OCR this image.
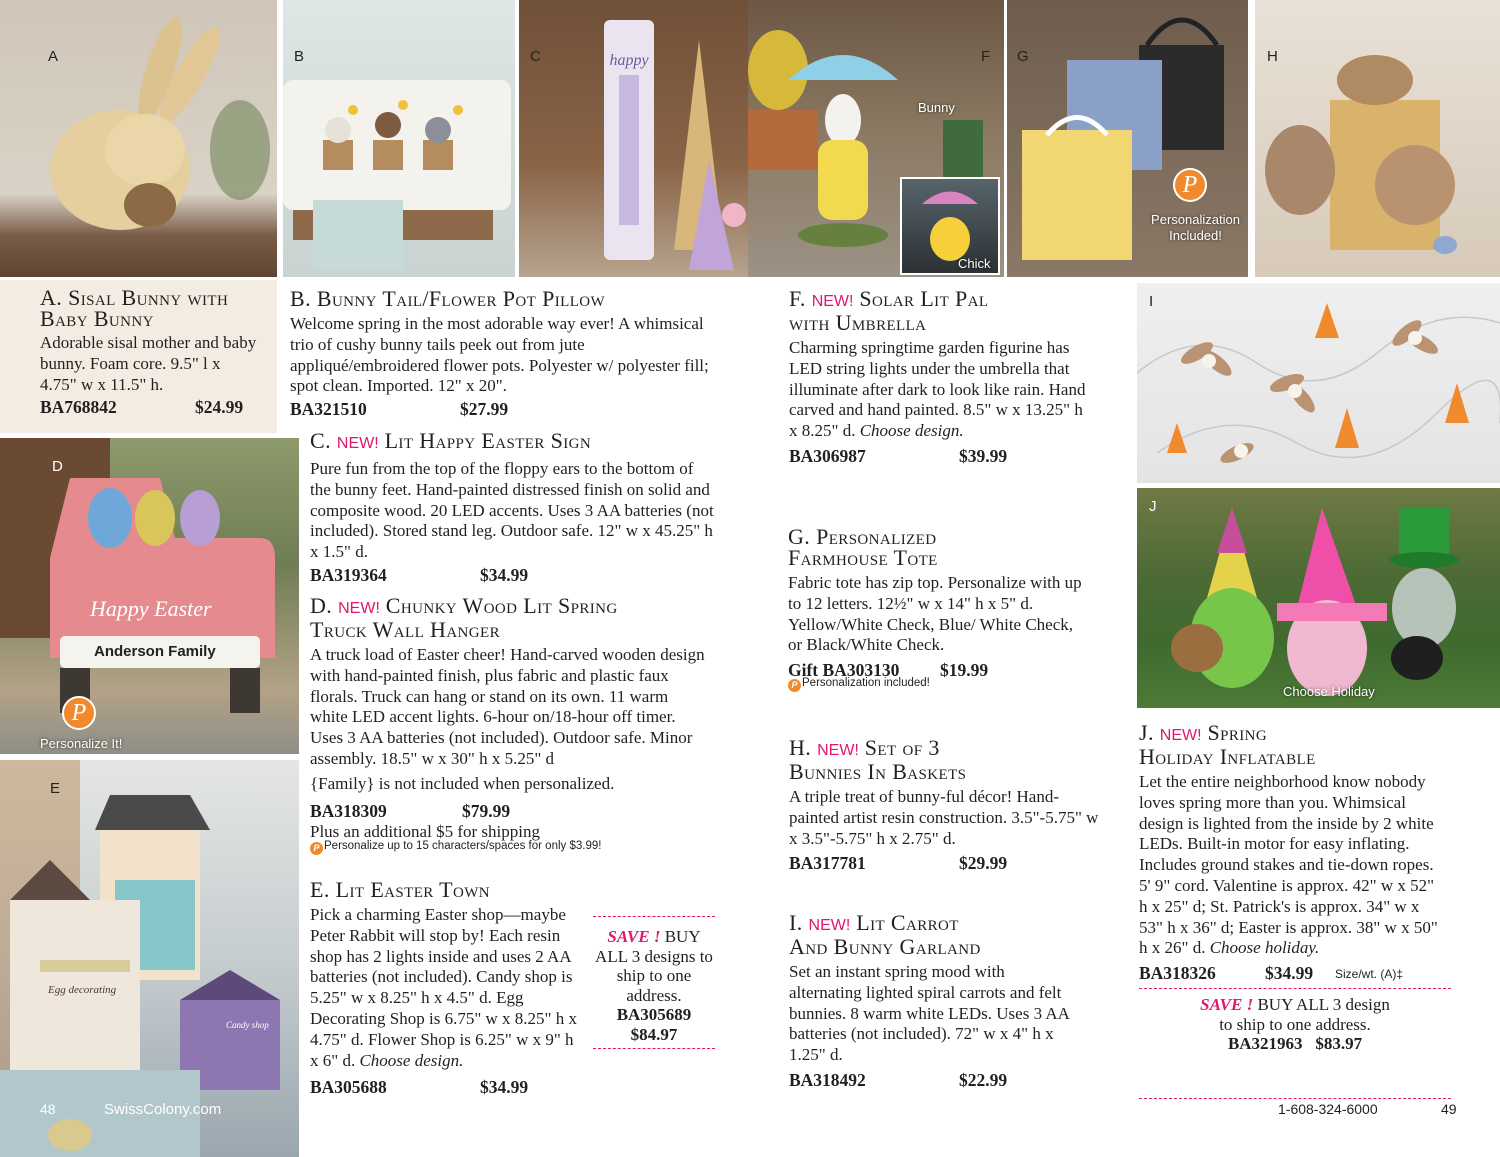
A	B	happy
C	F
Bunny
Chick
P
G
Personalization Included!
H
A. Sisal Bunny with
Baby Bunny
Adorable sisal mother and baby bunny. Foam core. 9.5" l x 4.75" w x 11.5" h.
BA768842	$24.99
B. Bunny Tail/Flower Pot Pillow
Welcome spring in the most adorable way ever! A whimsical trio of cushy bunny tails peek out from jute appliqué/embroidered flower pots. Polyester w/ polyester fill; spot clean. Imported. 12" x 20".
BA321510	$27.99
Happy Easter
Anderson Family
P
D
Personalize It!
C. NEW! Lit Happy Easter Sign
Pure fun from the top of the floppy ears to the bottom of the bunny feet. Hand-painted distressed finish on solid and composite wood. 20 LED accents. Uses 3 AA batteries (not included). Stored stand leg. Outdoor safe. 12" w x 45.25" h x 1.5" d.
BA319364	$34.99
D. NEW! Chunky Wood Lit Spring
Truck Wall Hanger
A truck load of Easter cheer! Hand-carved wooden design with hand-painted finish, plus fabric and plastic faux florals. Truck can hang or stand on its own. 11 warm white LED accent lights. 6-hour on/18-hour off timer. Uses 3 AA batteries (not included). Outdoor safe. Minor assembly. 18.5" w x 30" h x 5.25" d
{Family} is not included when personalized.
BA318309	$79.99
Plus an additional $5 for shipping
P Personalize up to 15 characters/spaces for only $3.99!
Egg decorating
Candy shop
E
E. Lit Easter Town
Pick a charming Easter shop—maybe Peter Rabbit will stop by! Each resin shop has 2 lights inside and uses 2 AA batteries (not included). Candy shop is 5.25" w x 8.25" h x 4.5" d. Egg Decorating Shop is 6.75" w x 8.25" h x 4.75" d. Flower Shop is 6.25" w x 9" h x 6" d. Choose design.
BA305688	$34.99
SAVE ! BUY ALL 3 designs to ship to one address.
BA305689
$84.97
F. NEW! Solar Lit Pal
with Umbrella
Charming springtime garden figurine has LED string lights under the umbrella that illuminate after dark to look like rain. Hand carved and hand painted. 8.5" w x 13.25" h x 8.25" d. Choose design.
BA306987	$39.99
G. Personalized
Farmhouse Tote
Fabric tote has zip top. Personalize with up to 12 letters. 12½" w x 14" h x 5" d. Yellow/White Check, Blue/ White Check, or Black/White Check.
Gift BA303130 $19.99
P Personalization included!
H. NEW! Set of 3
Bunnies In Baskets
A triple treat of bunny-ful décor! Hand-painted artist resin construction. 3.5"-5.75" w x 3.5"-5.75" h x 2.75" d.
BA317781	$29.99
I. NEW! Lit Carrot
And Bunny Garland
Set an instant spring mood with alternating lighted spiral carrots and felt bunnies. 8 warm white LEDs. Uses 3 AA batteries (not included). 72" w x 4" h x 1.25" d.
BA318492	$22.99
I
J
Choose Holiday
J. NEW! Spring
Holiday Inflatable
Let the entire neighborhood know nobody loves spring more than you. Whimsical design is lighted from the inside by 2 white LEDs. Built-in motor for easy inflating. Includes ground stakes and tie-down ropes. 5' 9" cord. Valentine is approx. 42" w x 52" h x 25" d; St. Patrick's is approx. 34" w x 53" h x 36" d; Easter is approx. 38" w x 50" h x 26" d. Choose holiday.
BA318326	$34.99 Size/wt. (A)‡
SAVE ! BUY ALL 3 design
to ship to one address.
BA321963 $83.97
48	SwissColony.com	1-608-324-6000	49
